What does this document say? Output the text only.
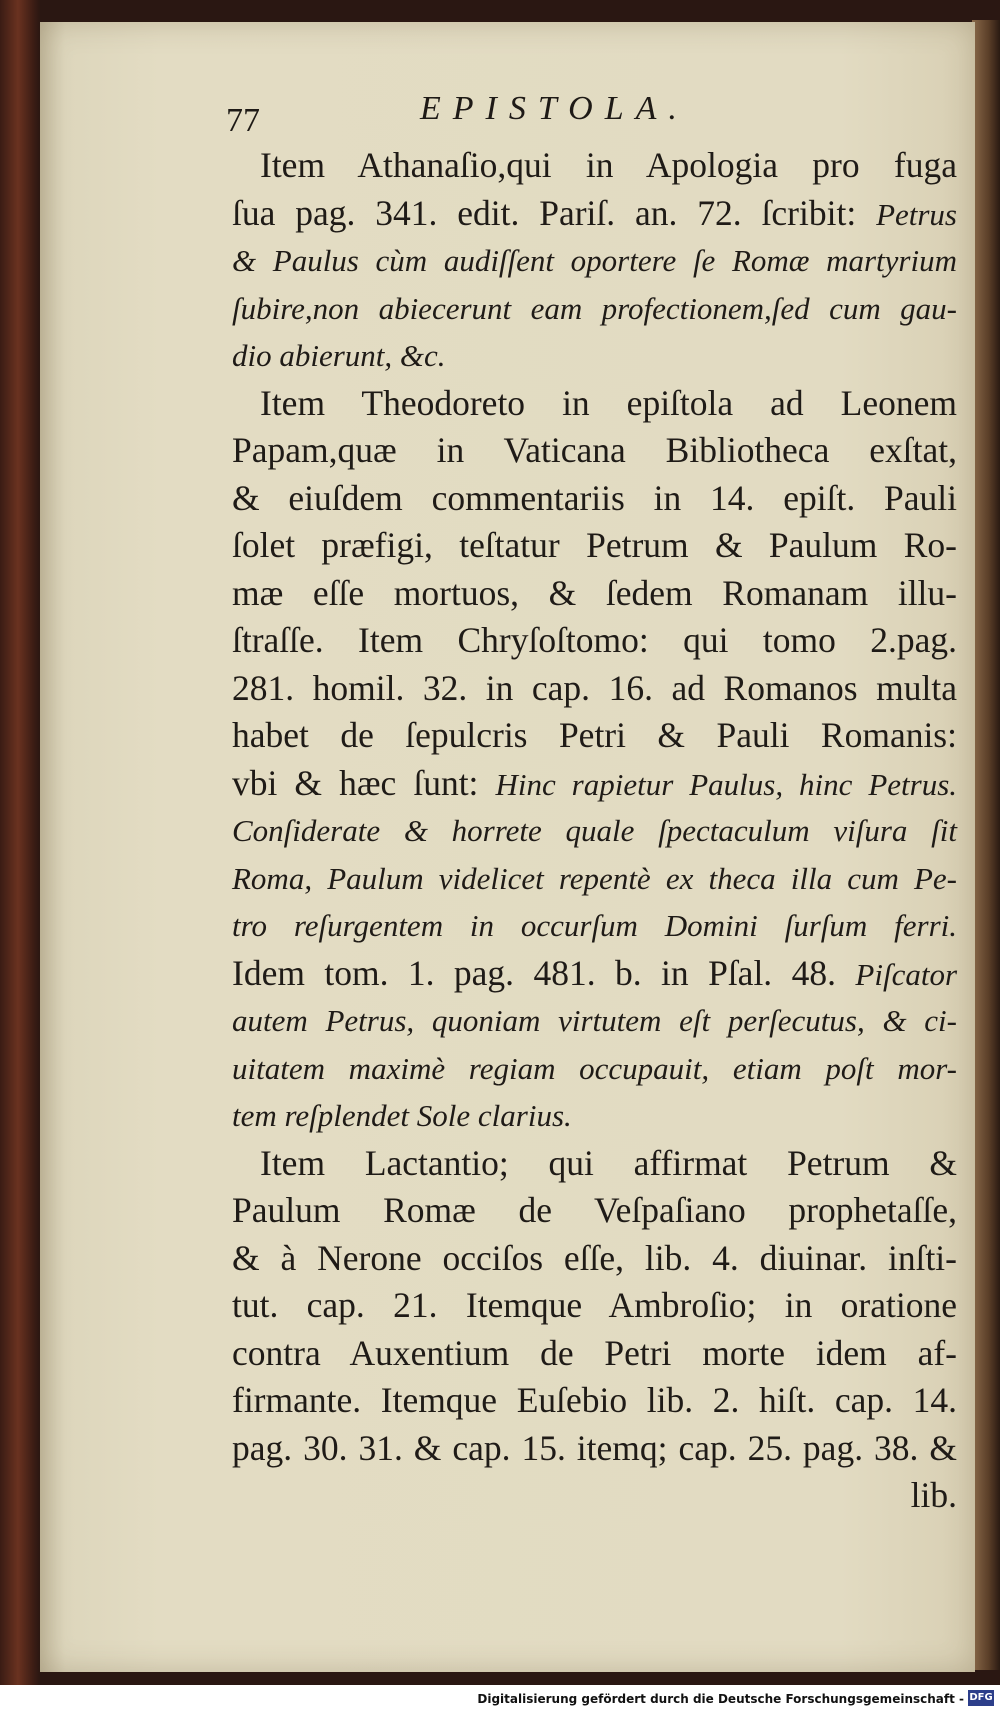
77	EPISTOLA.
Item Athanaſio,qui in Apologia pro fuga
ſua pag. 341. edit. Pariſ. an. 72. ſcribit: Petrus
& Paulus cùm audiſſent oportere ſe Romæ martyrium
ſubire,non abiecerunt eam profectionem,ſed cum gau-
dio abierunt, &c.
Item Theodoreto in epiſtola ad Leonem
Papam,quæ in Vaticana Bibliotheca exſtat,
& eiuſdem commentariis in 14. epiſt. Pauli
ſolet præfigi, teſtatur Petrum & Paulum Ro-
mæ eſſe mortuos, & ſedem Romanam illu-
ſtraſſe. Item Chryſoſtomo: qui tomo 2.pag.
281. homil. 32. in cap. 16. ad Romanos multa
habet de ſepulcris Petri & Pauli Romanis:
vbi & hæc ſunt: Hinc rapietur Paulus, hinc Petrus.
Conſiderate & horrete quale ſpectaculum viſura ſit
Roma, Paulum videlicet repentè ex theca illa cum Pe-
tro reſurgentem in occurſum Domini ſurſum ferri.
Idem tom. 1. pag. 481. b. in Pſal. 48. Piſcator
autem Petrus, quoniam virtutem eſt perſecutus, & ci-
uitatem maximè regiam occupauit, etiam poſt mor-
tem reſplendet Sole clarius.
Item Lactantio; qui affirmat Petrum &
Paulum Romæ de Veſpaſiano prophetaſſe,
& à Nerone occiſos eſſe, lib. 4. diuinar. inſti-
tut. cap. 21. Itemque Ambroſio; in oratione
contra Auxentium de Petri morte idem af-
firmante. Itemque Euſebio lib. 2. hiſt. cap. 14.
pag. 30. 31. & cap. 15. itemq; cap. 25. pag. 38. &
lib.
Digitalisierung gefördert durch die Deutsche Forschungsgemeinschaft - DFG
